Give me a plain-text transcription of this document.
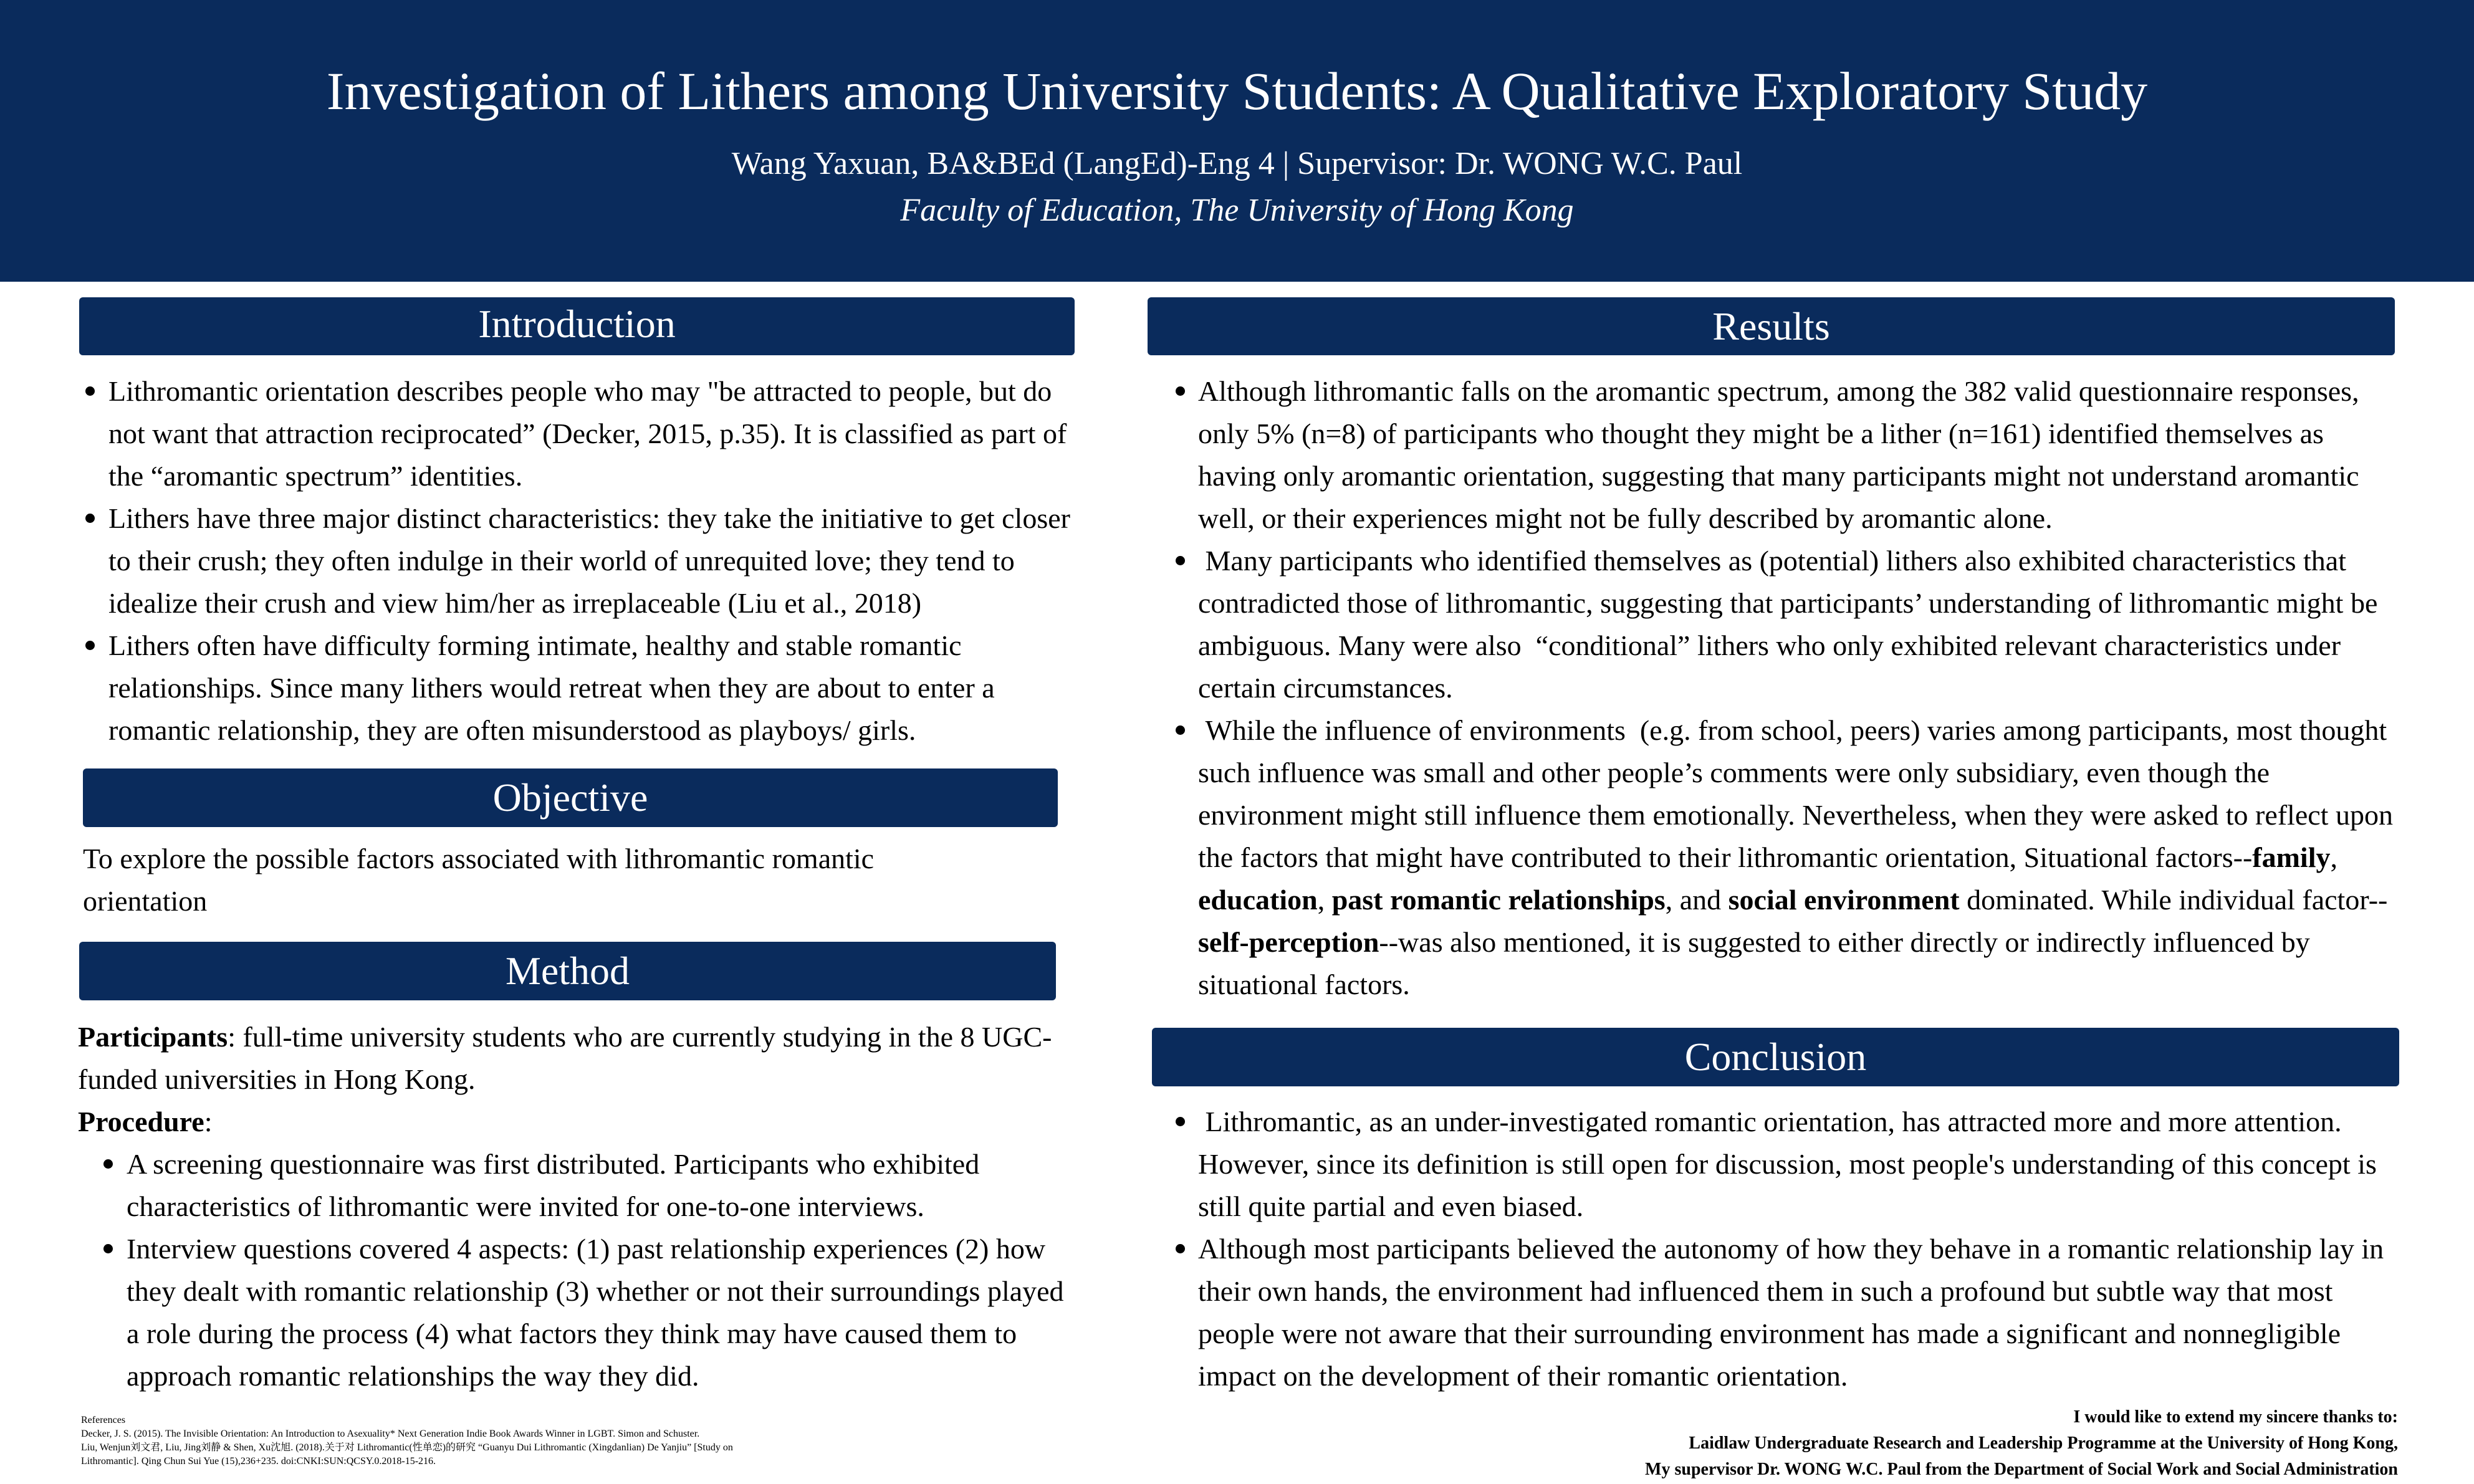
Investigation of Lithers among University Students: A Qualitative Exploratory Study
Wang Yaxuan, BA&BEd (LangEd)-Eng 4 | Supervisor: Dr. WONG W.C. Paul
Faculty of Education, The University of Hong Kong
Introduction
Lithromantic orientation describes people who may "be attracted to people, but do not want that attraction reciprocated” (Decker, 2015, p.35). It is classified as part of the “aromantic spectrum” identities.
Lithers have three major distinct characteristics: they take the initiative to get closer to their crush; they often indulge in their world of unrequited love; they tend to idealize their crush and view him/her as irreplaceable (Liu et al., 2018)
Lithers often have difficulty forming intimate, healthy and stable romantic relationships. Since many lithers would retreat when they are about to enter a romantic relationship, they are often misunderstood as playboys/ girls.
Objective
To explore the possible factors associated with lithromantic romantic orientation
Method
Participants: full-time university students who are currently studying in the 8 UGC-funded universities in Hong Kong.
Procedure:
A screening questionnaire was first distributed. Participants who exhibited characteristics of lithromantic were invited for one-to-one interviews.
Interview questions covered 4 aspects: (1) past relationship experiences (2) how they dealt with romantic relationship (3) whether or not their surroundings played a role during the process (4) what factors they think may have caused them to approach romantic relationships the way they did.
References
Decker, J. S. (2015). The Invisible Orientation: An Introduction to Asexuality* Next Generation Indie Book Awards Winner in LGBT. Simon and Schuster.
Liu, Wenjun刘文君, Liu, Jing刘静 & Shen, Xu沈旭. (2018).关于对 Lithromantic(性单恋)的研究 “Guanyu Dui Lithromantic (Xingdanlian) De Yanjiu” [Study on
Lithromantic]. Qing Chun Sui Yue (15),236+235. doi:CNKI:SUN:QCSY.0.2018-15-216.
Results
Although lithromantic falls on the aromantic spectrum, among the 382 valid questionnaire responses, only 5% (n=8) of participants who thought they might be a lither (n=161) identified themselves as having only aromantic orientation, suggesting that many participants might not understand aromantic well, or their experiences might not be fully described by aromantic alone.
Many participants who identified themselves as (potential) lithers also exhibited characteristics that contradicted those of lithromantic, suggesting that participants’ understanding of lithromantic might be ambiguous. Many were also  “conditional” lithers who only exhibited relevant characteristics under certain circumstances.
While the influence of environments  (e.g. from school, peers) varies among participants, most thought such influence was small and other people’s comments were only subsidiary, even though the environment might still influence them emotionally. Nevertheless, when they were asked to reflect upon the factors that might have contributed to their lithromantic orientation, Situational factors--family, education, past romantic relationships, and social environment dominated. While individual factor--self-perception--was also mentioned, it is suggested to either directly or indirectly influenced by situational factors.
Conclusion
Lithromantic, as an under-investigated romantic orientation, has attracted more and more attention. However, since its definition is still open for discussion, most people's understanding of this concept is still quite partial and even biased.
Although most participants believed the autonomy of how they behave in a romantic relationship lay in their own hands, the environment had influenced them in such a profound but subtle way that most people were not aware that their surrounding environment has made a significant and nonnegligible impact on the development of their romantic orientation.
I would like to extend my sincere thanks to:
Laidlaw Undergraduate Research and Leadership Programme at the University of Hong Kong,
My supervisor Dr. WONG W.C. Paul from the Department of Social Work and Social Administration
